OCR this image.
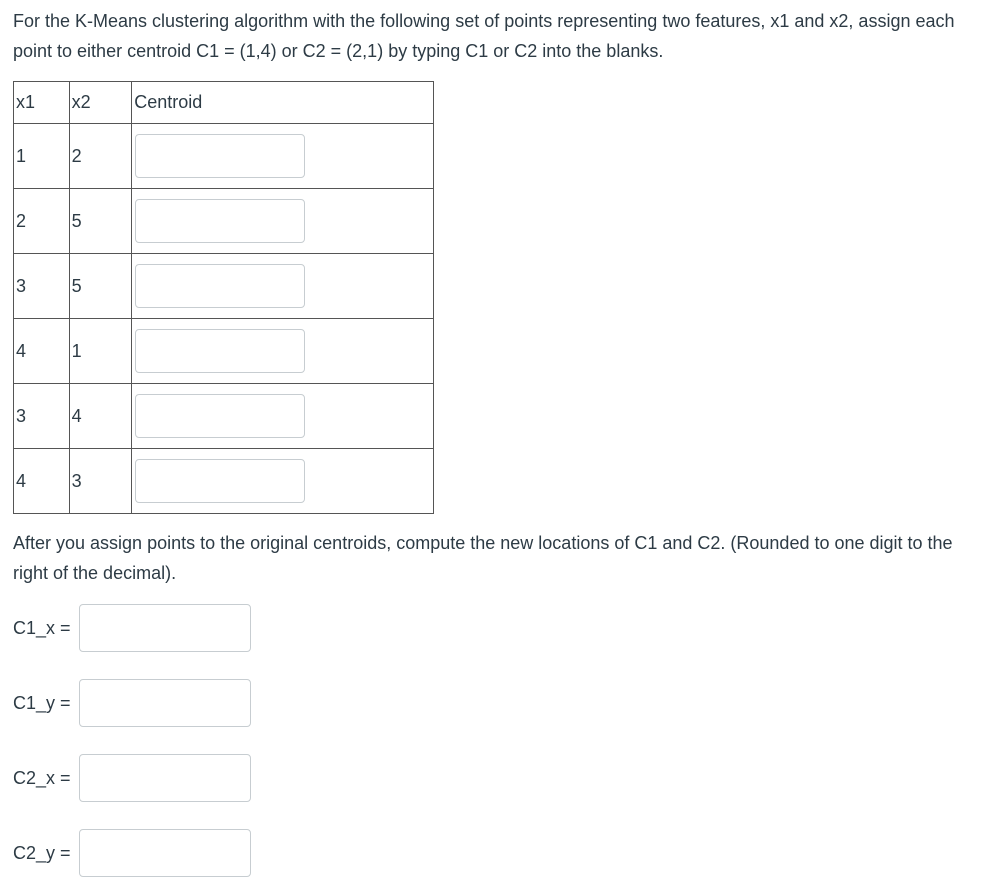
For the K-Means clustering algorithm with the following set of points representing two features, x1 and x2, assign each point to either centroid C1 = (1,4) or C2 = (2,1) by typing C1 or C2 into the blanks.
x1	x2	Centroid
1	2	

2	5	

3	5	

4	1	

3	4	

4	3	
After you assign points to the original centroids, compute the new locations of C1 and C2. (Rounded to one digit to the right of the decimal).
C1_x =
C1_y =
C2_x =
C2_y =
